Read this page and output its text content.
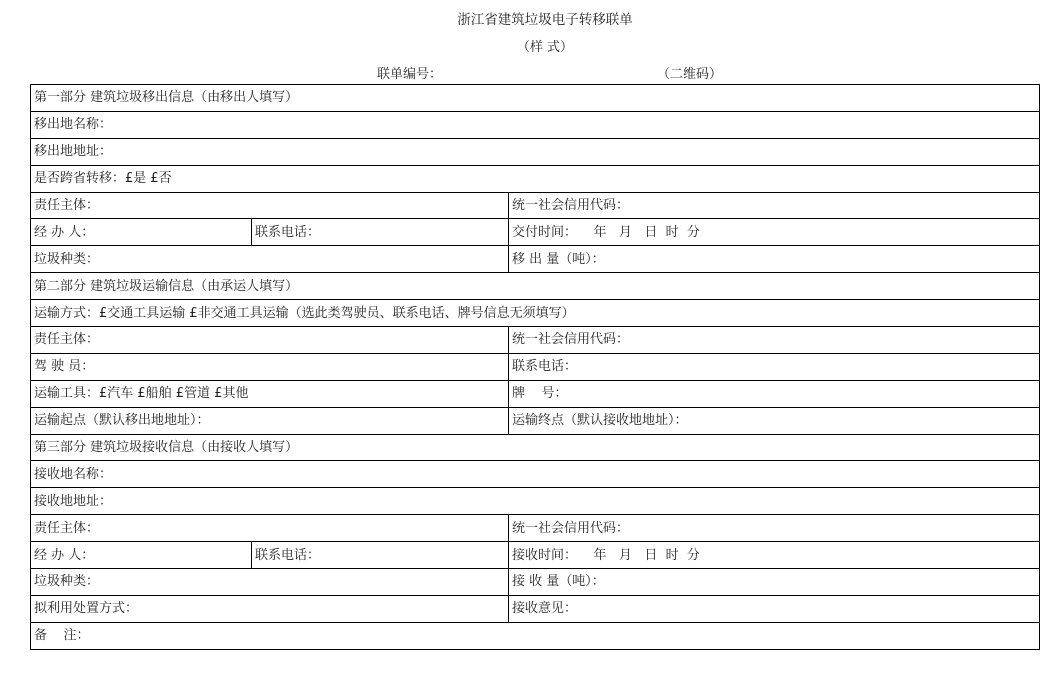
浙江省建筑垃圾电子转移联单
（样 式）
联单编号：	（二维码）
第一部分 建筑垃圾移出信息（由移出人填写）		
移出地名称：		
移出地地址：		
是否跨省转移：£是 £否		
责任主体：		统一社会信用代码：
经 办 人：	联系电话：	交付时间：    年   月   日  时  分
垃圾种类：		移 出 量（吨）：
第二部分 建筑垃圾运输信息（由承运人填写）		
运输方式：£交通工具运输 £非交通工具运输（选此类驾驶员、联系电话、牌号信息无须填写）		
责任主体：		统一社会信用代码：
驾 驶 员：		联系电话：
运输工具：£汽车 £船舶 £管道 £其他		牌    号：
运输起点（默认移出地地址）：		运输终点（默认接收地地址）：
第三部分 建筑垃圾接收信息（由接收人填写）		
接收地名称：		
接收地地址：		
责任主体：		统一社会信用代码：
经 办 人：	联系电话：	接收时间：    年   月   日  时  分
垃圾种类：		接 收 量（吨）：
拟利用处置方式：		接收意见：
备    注：		
